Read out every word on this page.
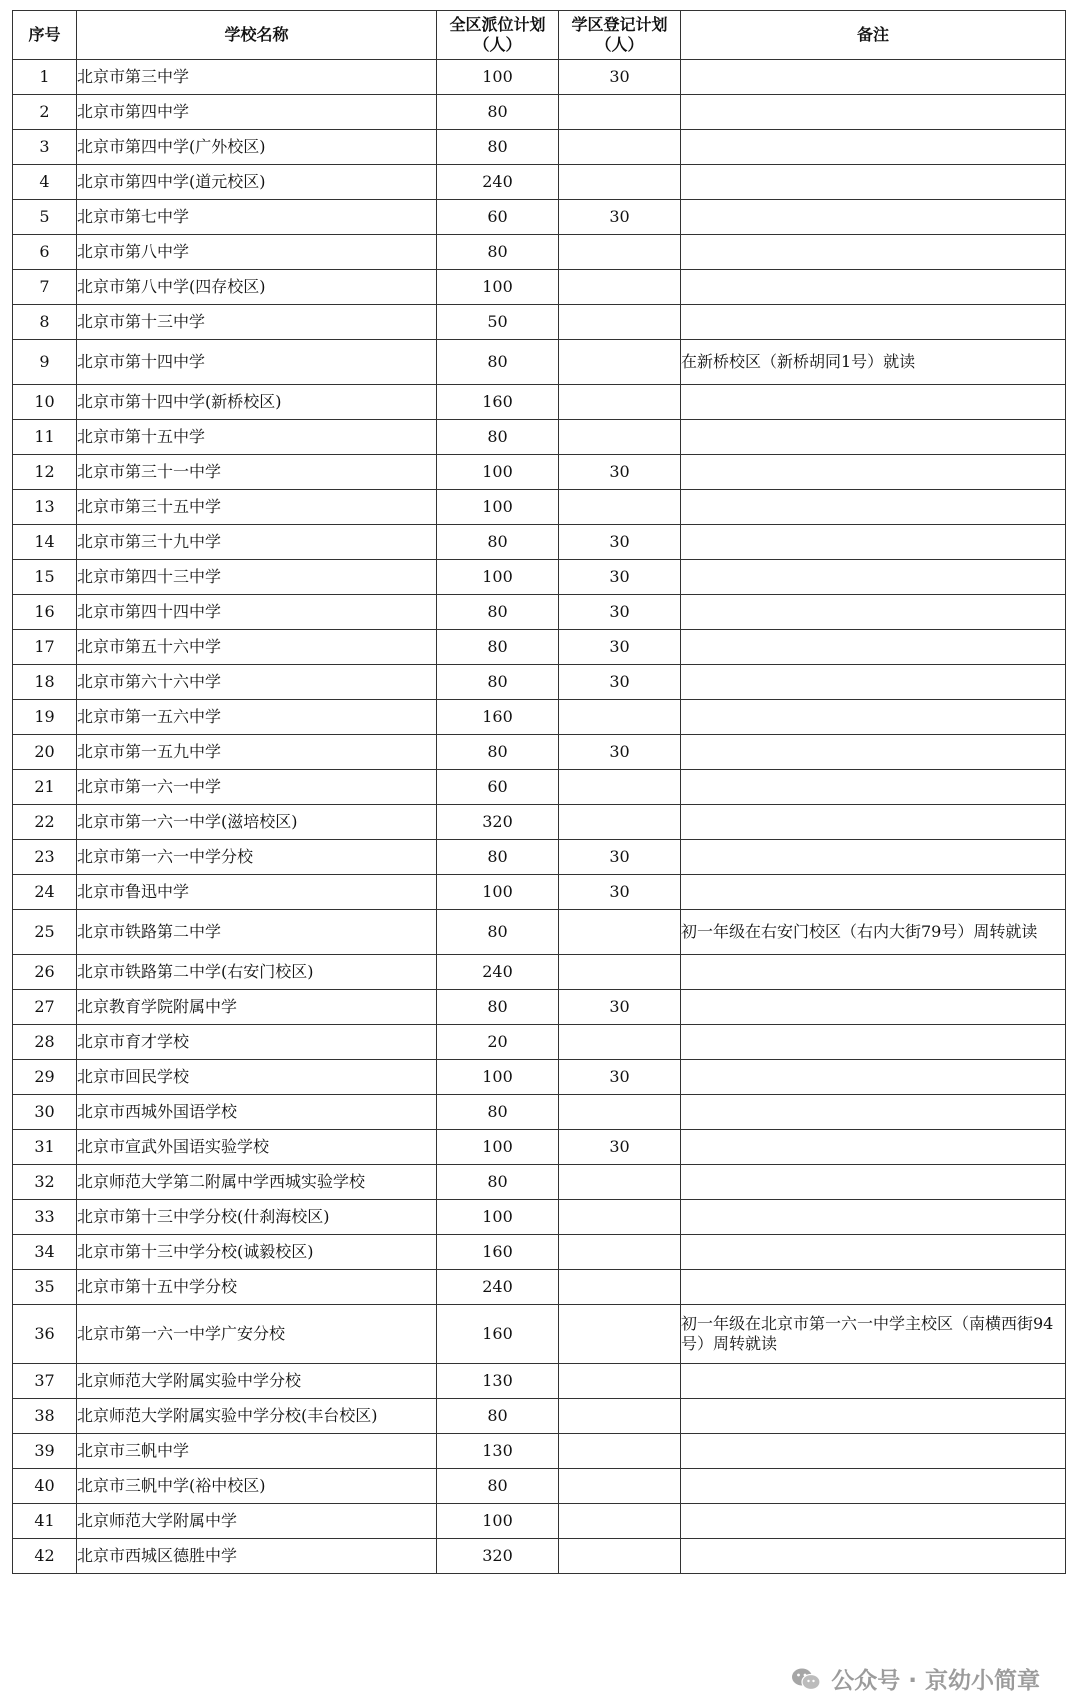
序号	学校名称	全区派位计划（人）	学区登记计划（人）	备注
1	北京市第三中学	100	30	
2	北京市第四中学	80		
3	北京市第四中学(广外校区)	80		
4	北京市第四中学(道元校区)	240		
5	北京市第七中学	60	30	
6	北京市第八中学	80		
7	北京市第八中学(四存校区)	100		
8	北京市第十三中学	50		
9	北京市第十四中学	80		在新桥校区（新桥胡同1号）就读
10	北京市第十四中学(新桥校区)	160		
11	北京市第十五中学	80		
12	北京市第三十一中学	100	30	
13	北京市第三十五中学	100		
14	北京市第三十九中学	80	30	
15	北京市第四十三中学	100	30	
16	北京市第四十四中学	80	30	
17	北京市第五十六中学	80	30	
18	北京市第六十六中学	80	30	
19	北京市第一五六中学	160		
20	北京市第一五九中学	80	30	
21	北京市第一六一中学	60		
22	北京市第一六一中学(滋培校区)	320		
23	北京市第一六一中学分校	80	30	
24	北京市鲁迅中学	100	30	
25	北京市铁路第二中学	80		初一年级在右安门校区（右内大街79号）周转就读
26	北京市铁路第二中学(右安门校区)	240		
27	北京教育学院附属中学	80	30	
28	北京市育才学校	20		
29	北京市回民学校	100	30	
30	北京市西城外国语学校	80		
31	北京市宣武外国语实验学校	100	30	
32	北京师范大学第二附属中学西城实验学校	80		
33	北京市第十三中学分校(什刹海校区)	100		
34	北京市第十三中学分校(诚毅校区)	160		
35	北京市第十五中学分校	240		
36	北京市第一六一中学广安分校	160		初一年级在北京市第一六一中学主校区（南横西街94号）周转就读
37	北京师范大学附属实验中学分校	130		
38	北京师范大学附属实验中学分校(丰台校区)	80		
39	北京市三帆中学	130		
40	北京市三帆中学(裕中校区)	80		
41	北京师范大学附属中学	100		
42	北京市西城区德胜中学	320		
公众号 · 京幼小简章
